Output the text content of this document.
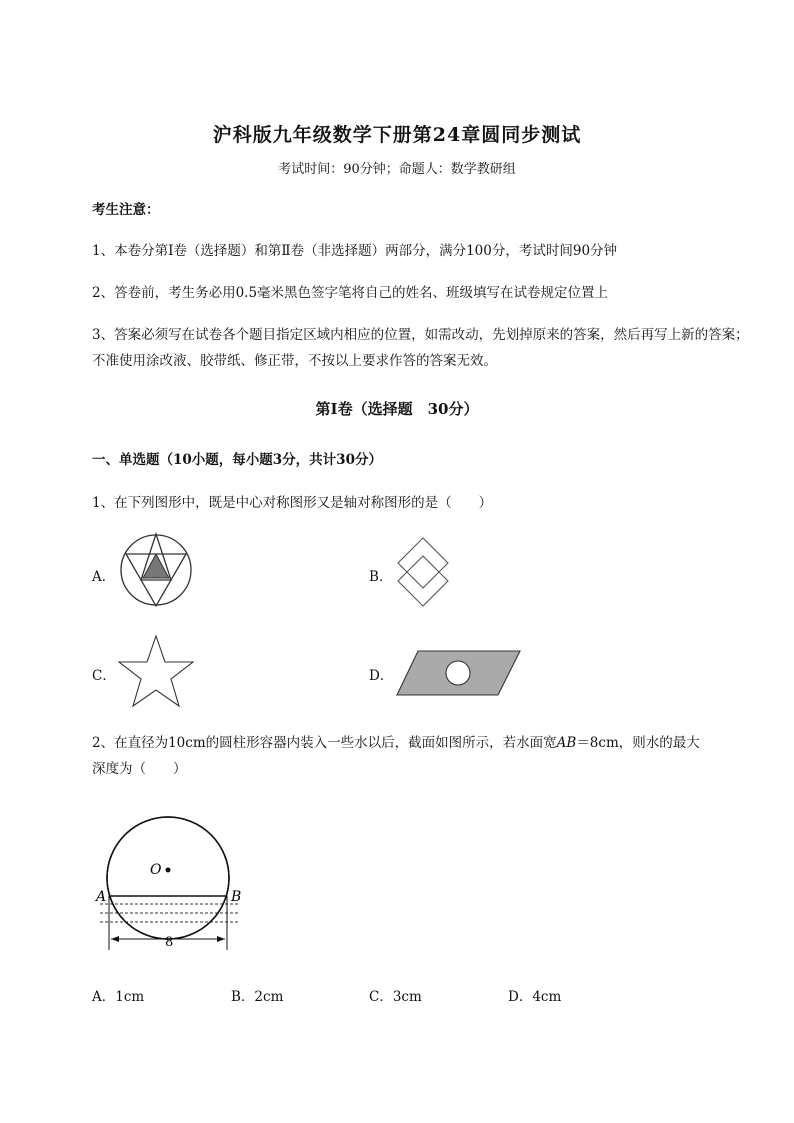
沪科版九年级数学下册第24章圆同步测试
考试时间：90分钟；命题人：数学教研组
考生注意：
1、本卷分第I卷（选择题）和第Ⅱ卷（非选择题）两部分，满分100分，考试时间90分钟
2、答卷前，考生务必用0.5毫米黑色签字笔将自己的姓名、班级填写在试卷规定位置上
3、答案必须写在试卷各个题目指定区域内相应的位置，如需改动，先划掉原来的答案，然后再写上新的答案；不准使用涂改液、胶带纸、修正带，不按以上要求作答的答案无效。
第I卷（选择题　30分）
一、单选题（10小题，每小题3分，共计30分）
1、在下列图形中，既是中心对称图形又是轴对称图形的是（　　）
A．	B．
C．	D．
2、在直径为10cm的圆柱形容器内装入一些水以后，截面如图所示，若水面宽AB＝8cm，则水的最大
深度为（　　）
O
A	B
8
A．1cm	B．2cm	C．3cm	D．4cm
